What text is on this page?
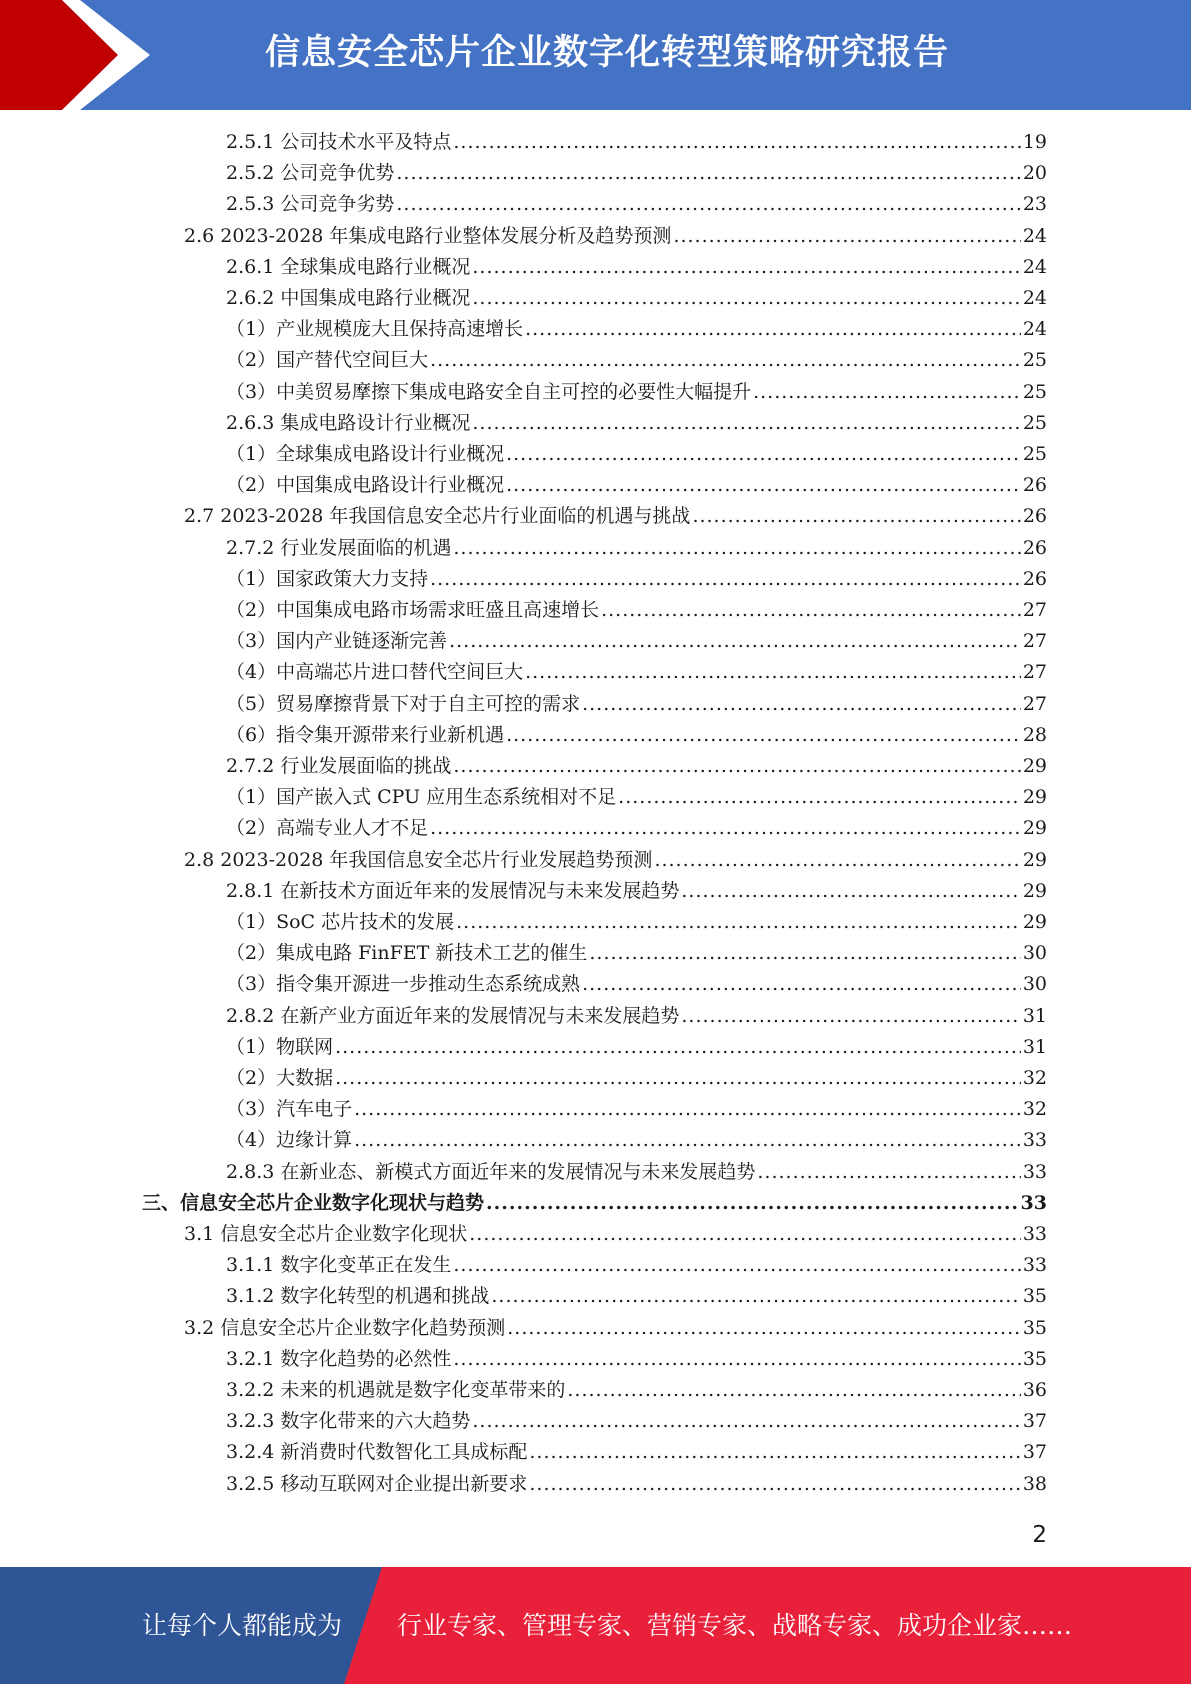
信息安全芯片企业数字化转型策略研究报告
2.5.1 公司技术水平及特点 .....	19
2.5.2 公司竞争优势 .....	20
2.5.3 公司竞争劣势 .....	23
2.6 2023-2028 年集成电路行业整体发展分析及趋势预测 .....	24
2.6.1 全球集成电路行业概况 .....	24
2.6.2 中国集成电路行业概况 .....	24
（1）产业规模庞大且保持高速增长 .....	24
（2）国产替代空间巨大 .....	25
（3）中美贸易摩擦下集成电路安全自主可控的必要性大幅提升 .....	25
2.6.3 集成电路设计行业概况 .....	25
（1）全球集成电路设计行业概况 .....	25
（2）中国集成电路设计行业概况 .....	26
2.7 2023-2028 年我国信息安全芯片行业面临的机遇与挑战 .....	26
2.7.2 行业发展面临的机遇 .....	26
（1）国家政策大力支持 .....	26
（2）中国集成电路市场需求旺盛且高速增长 .....	27
（3）国内产业链逐渐完善 .....	27
（4）中高端芯片进口替代空间巨大 .....	27
（5）贸易摩擦背景下对于自主可控的需求 .....	27
（6）指令集开源带来行业新机遇 .....	28
2.7.2 行业发展面临的挑战 .....	29
（1）国产嵌入式 CPU 应用生态系统相对不足 .....	29
（2）高端专业人才不足 .....	29
2.8 2023-2028 年我国信息安全芯片行业发展趋势预测 .....	29
2.8.1 在新技术方面近年来的发展情况与未来发展趋势 .....	29
（1）SoC 芯片技术的发展 .....	29
（2）集成电路 FinFET 新技术工艺的催生 .....	30
（3）指令集开源进一步推动生态系统成熟 .....	30
2.8.2 在新产业方面近年来的发展情况与未来发展趋势 .....	31
（1）物联网 .....	31
（2）大数据 .....	32
（3）汽车电子 .....	32
（4）边缘计算 .....	33
2.8.3 在新业态、新模式方面近年来的发展情况与未来发展趋势 .....	33
三、信息安全芯片企业数字化现状与趋势 .....	33
3.1 信息安全芯片企业数字化现状 .....	33
3.1.1 数字化变革正在发生 .....	33
3.1.2 数字化转型的机遇和挑战 .....	35
3.2 信息安全芯片企业数字化趋势预测 .....	35
3.2.1 数字化趋势的必然性 .....	35
3.2.2 未来的机遇就是数字化变革带来的 .....	36
3.2.3 数字化带来的六大趋势 .....	37
3.2.4 新消费时代数智化工具成标配 .....	37
3.2.5 移动互联网对企业提出新要求 .....	38
2
让每个人都能成为 行业专家、管理专家、营销专家、战略专家、成功企业家……
